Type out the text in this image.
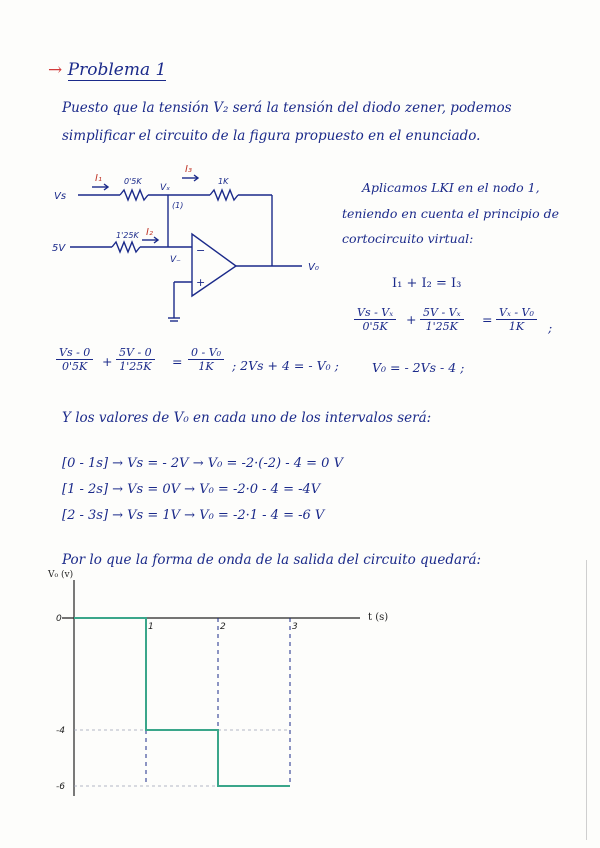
→ Problema 1
Puesto que la tensión V₂ será la tensión del diodo zener, podemos
simplificar el circuito de la figura propuesto en el enunciado.
Vs
5V
0'5K
1'25K
1K
I₁
I₃
I₂
Vₓ
(1)
V₋
−
+
V₀
Aplicamos LKI en el nodo 1,
teniendo en cuenta el principio de
cortocircuito virtual:
I₁ + I₂ = I₃
$\frac{\text{Vs - Vₓ}}{0'5K} + \frac{\text{5V - Vₓ}}{1'25K} = \frac{\text{Vₓ - V₀}}{1K}$ ;
$\frac{Vs - 0}{0'5K} + \frac{5V - 0}{1'25K} = \frac{\text{0 - V₀}}{1K}$ ; 2Vs + 4 = - V₀ ;	V₀ = - 2Vs - 4 ;
Y los valores de V₀ en cada uno de los intervalos será:
[0 - 1s] → Vs = - 2V → V₀ = -2·(-2) - 4 = 0 V
[1 - 2s] → Vs = 0V → V₀ = -2·0 - 4 = -4V
[2 - 3s] → Vs = 1V → V₀ = -2·1 - 4 = -6 V
Por lo que la forma de onda de la salida del circuito quedará:
1	2	3
0
-4
-6
V₀ (v)
t (s)
